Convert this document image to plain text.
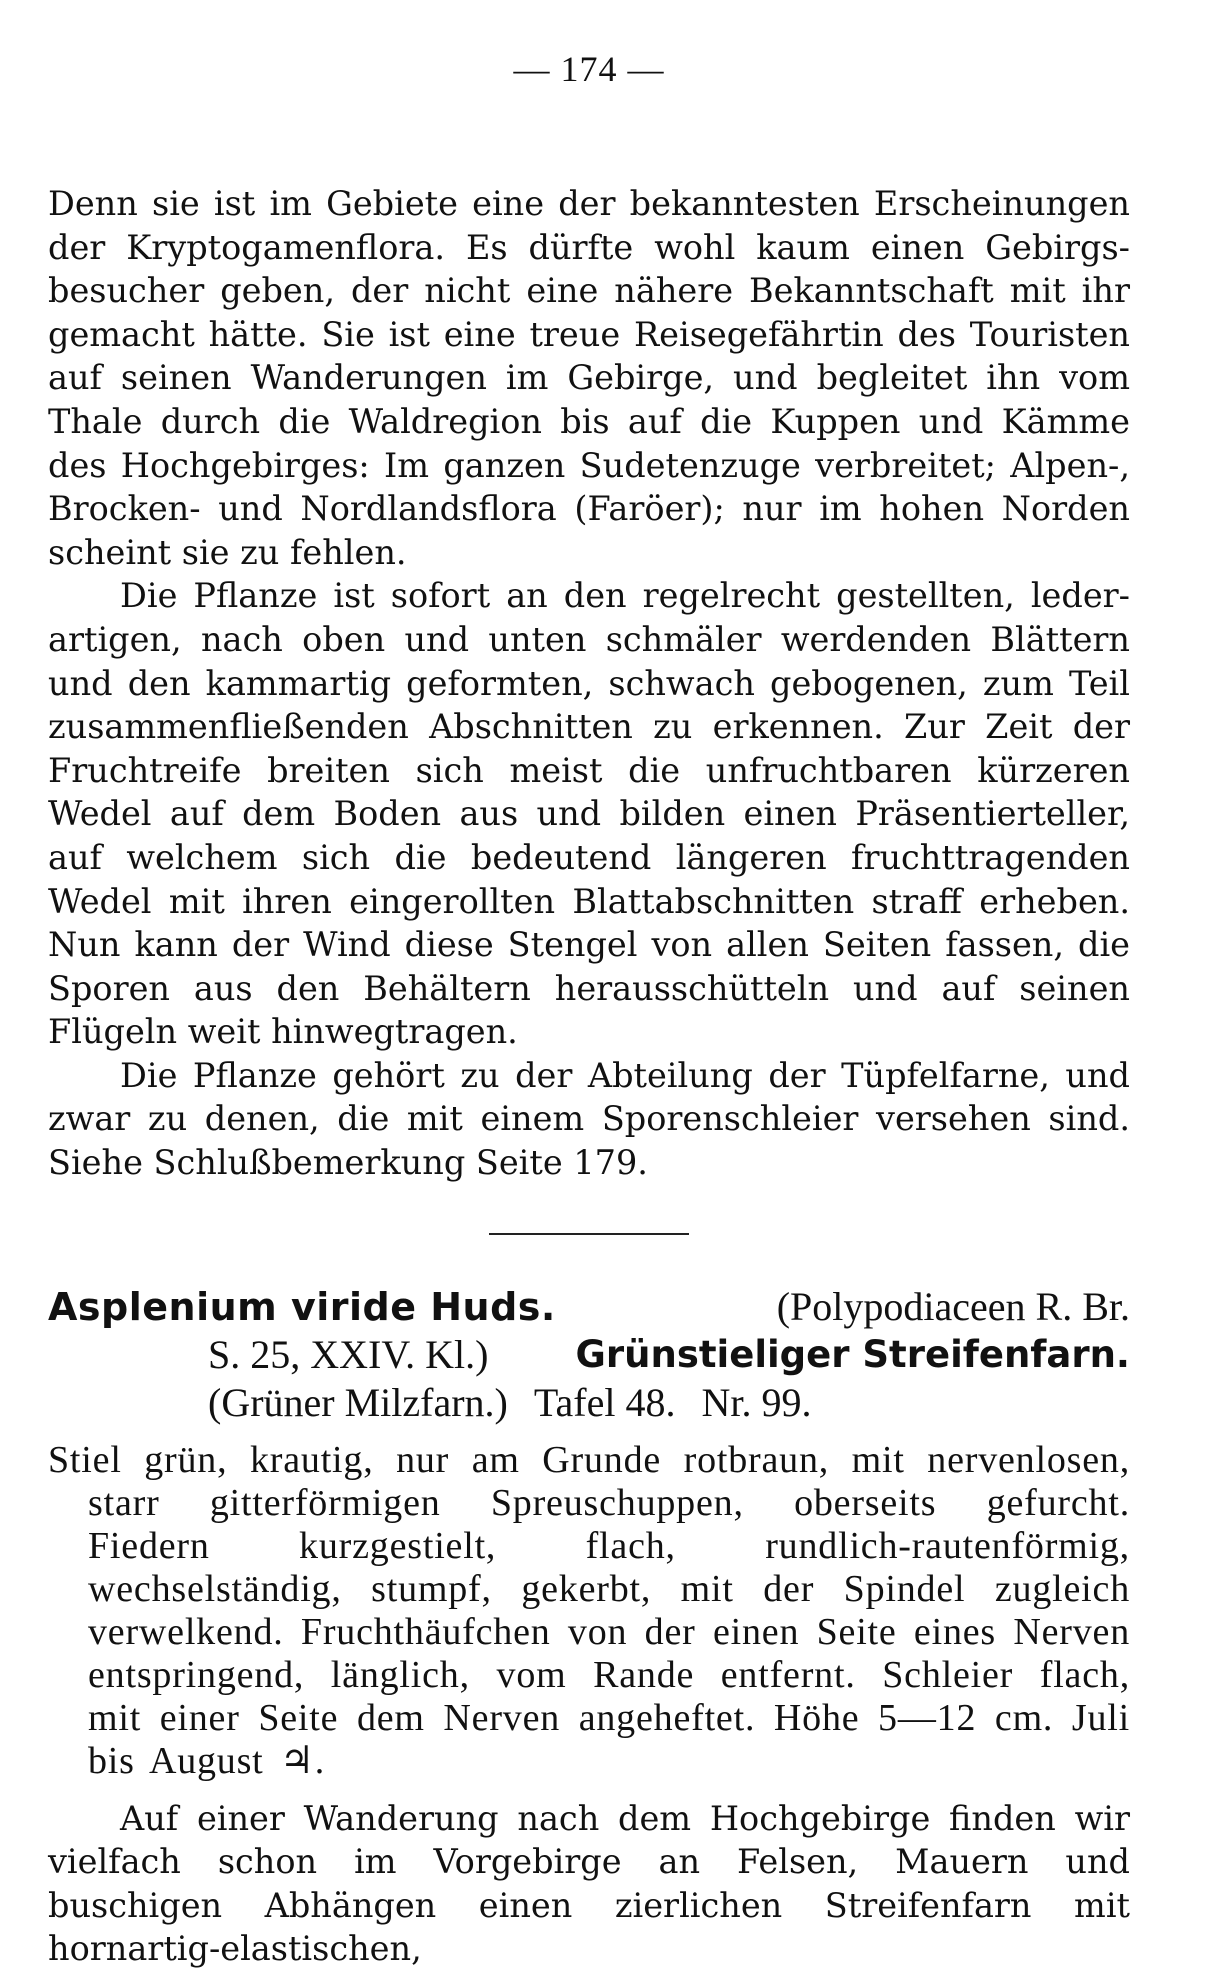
— 174 —

Denn sie ist im Gebiete eine der bekanntesten Erscheinungen der Kryptogamenflora. Es dürfte wohl kaum einen Gebirgsbesucher geben, der nicht eine nähere Bekanntschaft mit ihr gemacht hätte. Sie ist eine treue Reisegefährtin des Touristen auf seinen Wanderungen im Gebirge, und begleitet ihn vom Thale durch die Waldregion bis auf die Kuppen und Kämme des Hochgebirges: Im ganzen Sudetenzuge verbreitet; Alpen-, Brocken- und Nordlandsflora (Faröer); nur im hohen Norden scheint sie zu fehlen.

Die Pflanze ist sofort an den regelrecht gestellten, lederartigen, nach oben und unten schmäler werdenden Blättern und den kammartig geformten, schwach gebogenen, zum Teil zusammenfließenden Abschnitten zu erkennen. Zur Zeit der Fruchtreife breiten sich meist die unfruchtbaren kürzeren Wedel auf dem Boden aus und bilden einen Präsentierteller, auf welchem sich die bedeutend längeren fruchttragenden Wedel mit ihren eingerollten Blattabschnitten straff erheben. Nun kann der Wind diese Stengel von allen Seiten fassen, die Sporen aus den Behältern herausschütteln und auf seinen Flügeln weit hinwegtragen.

Die Pflanze gehört zu der Abteilung der Tüpfelfarne, und zwar zu denen, die mit einem Sporenschleier versehen sind. Siehe Schlußbemerkung Seite 179.

Asplenium viride Huds.	(Polypodiaceen R. Br.
S. 25, XXIV. Kl.) Grünstieliger Streifenfarn.
(Grüner Milzfarn.) Tafel 48. Nr. 99.

Stiel grün, krautig, nur am Grunde rotbraun, mit nervenlosen, starr gitterförmigen Spreuschuppen, oberseits gefurcht. Fiedern kurzgestielt, flach, rundlich-rautenförmig, wechselständig, stumpf, gekerbt, mit der Spindel zugleich verwelkend. Fruchthäufchen von der einen Seite eines Nerven entspringend, länglich, vom Rande entfernt. Schleier flach, mit einer Seite dem Nerven angeheftet. Höhe 5—12 cm. Juli bis August ♃.

Auf einer Wanderung nach dem Hochgebirge finden wir vielfach schon im Vorgebirge an Felsen, Mauern und buschigen Abhängen einen zierlichen Streifenfarn mit hornartig-elastischen,
